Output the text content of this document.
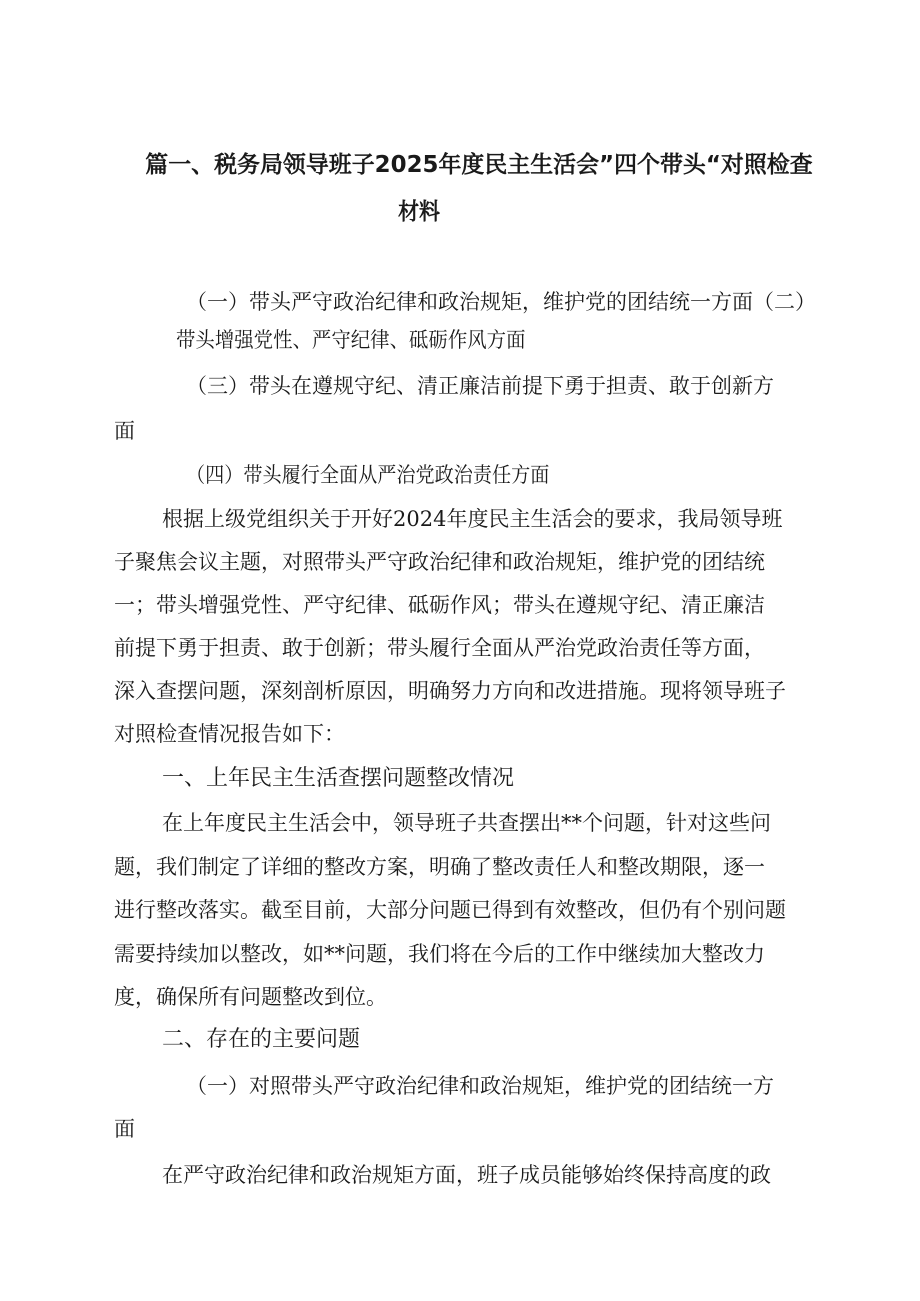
篇一、税务局领导班子2025年度民主生活会”四个带头“对照检查
材料
（一）带头严守政治纪律和政治规矩，维护党的团结统一方面（二）
带头增强党性、严守纪律、砥砺作风方面
（三）带头在遵规守纪、清正廉洁前提下勇于担责、敢于创新方
面
（四）带头履行全面从严治党政治责任方面
根据上级党组织关于开好2024年度民主生活会的要求，我局领导班
子聚焦会议主题，对照带头严守政治纪律和政治规矩，维护党的团结统
一；带头增强党性、严守纪律、砥砺作风；带头在遵规守纪、清正廉洁
前提下勇于担责、敢于创新；带头履行全面从严治党政治责任等方面，
深入查摆问题，深刻剖析原因，明确努力方向和改进措施。现将领导班子
对照检查情况报告如下：
一、上年民主生活查摆问题整改情况
在上年度民主生活会中，领导班子共查摆出**个问题，针对这些问
题，我们制定了详细的整改方案，明确了整改责任人和整改期限，逐一
进行整改落实。截至目前，大部分问题已得到有效整改，但仍有个别问题
需要持续加以整改，如**问题，我们将在今后的工作中继续加大整改力
度，确保所有问题整改到位。
二、存在的主要问题
（一）对照带头严守政治纪律和政治规矩，维护党的团结统一方
面
在严守政治纪律和政治规矩方面，班子成员能够始终保持高度的政
